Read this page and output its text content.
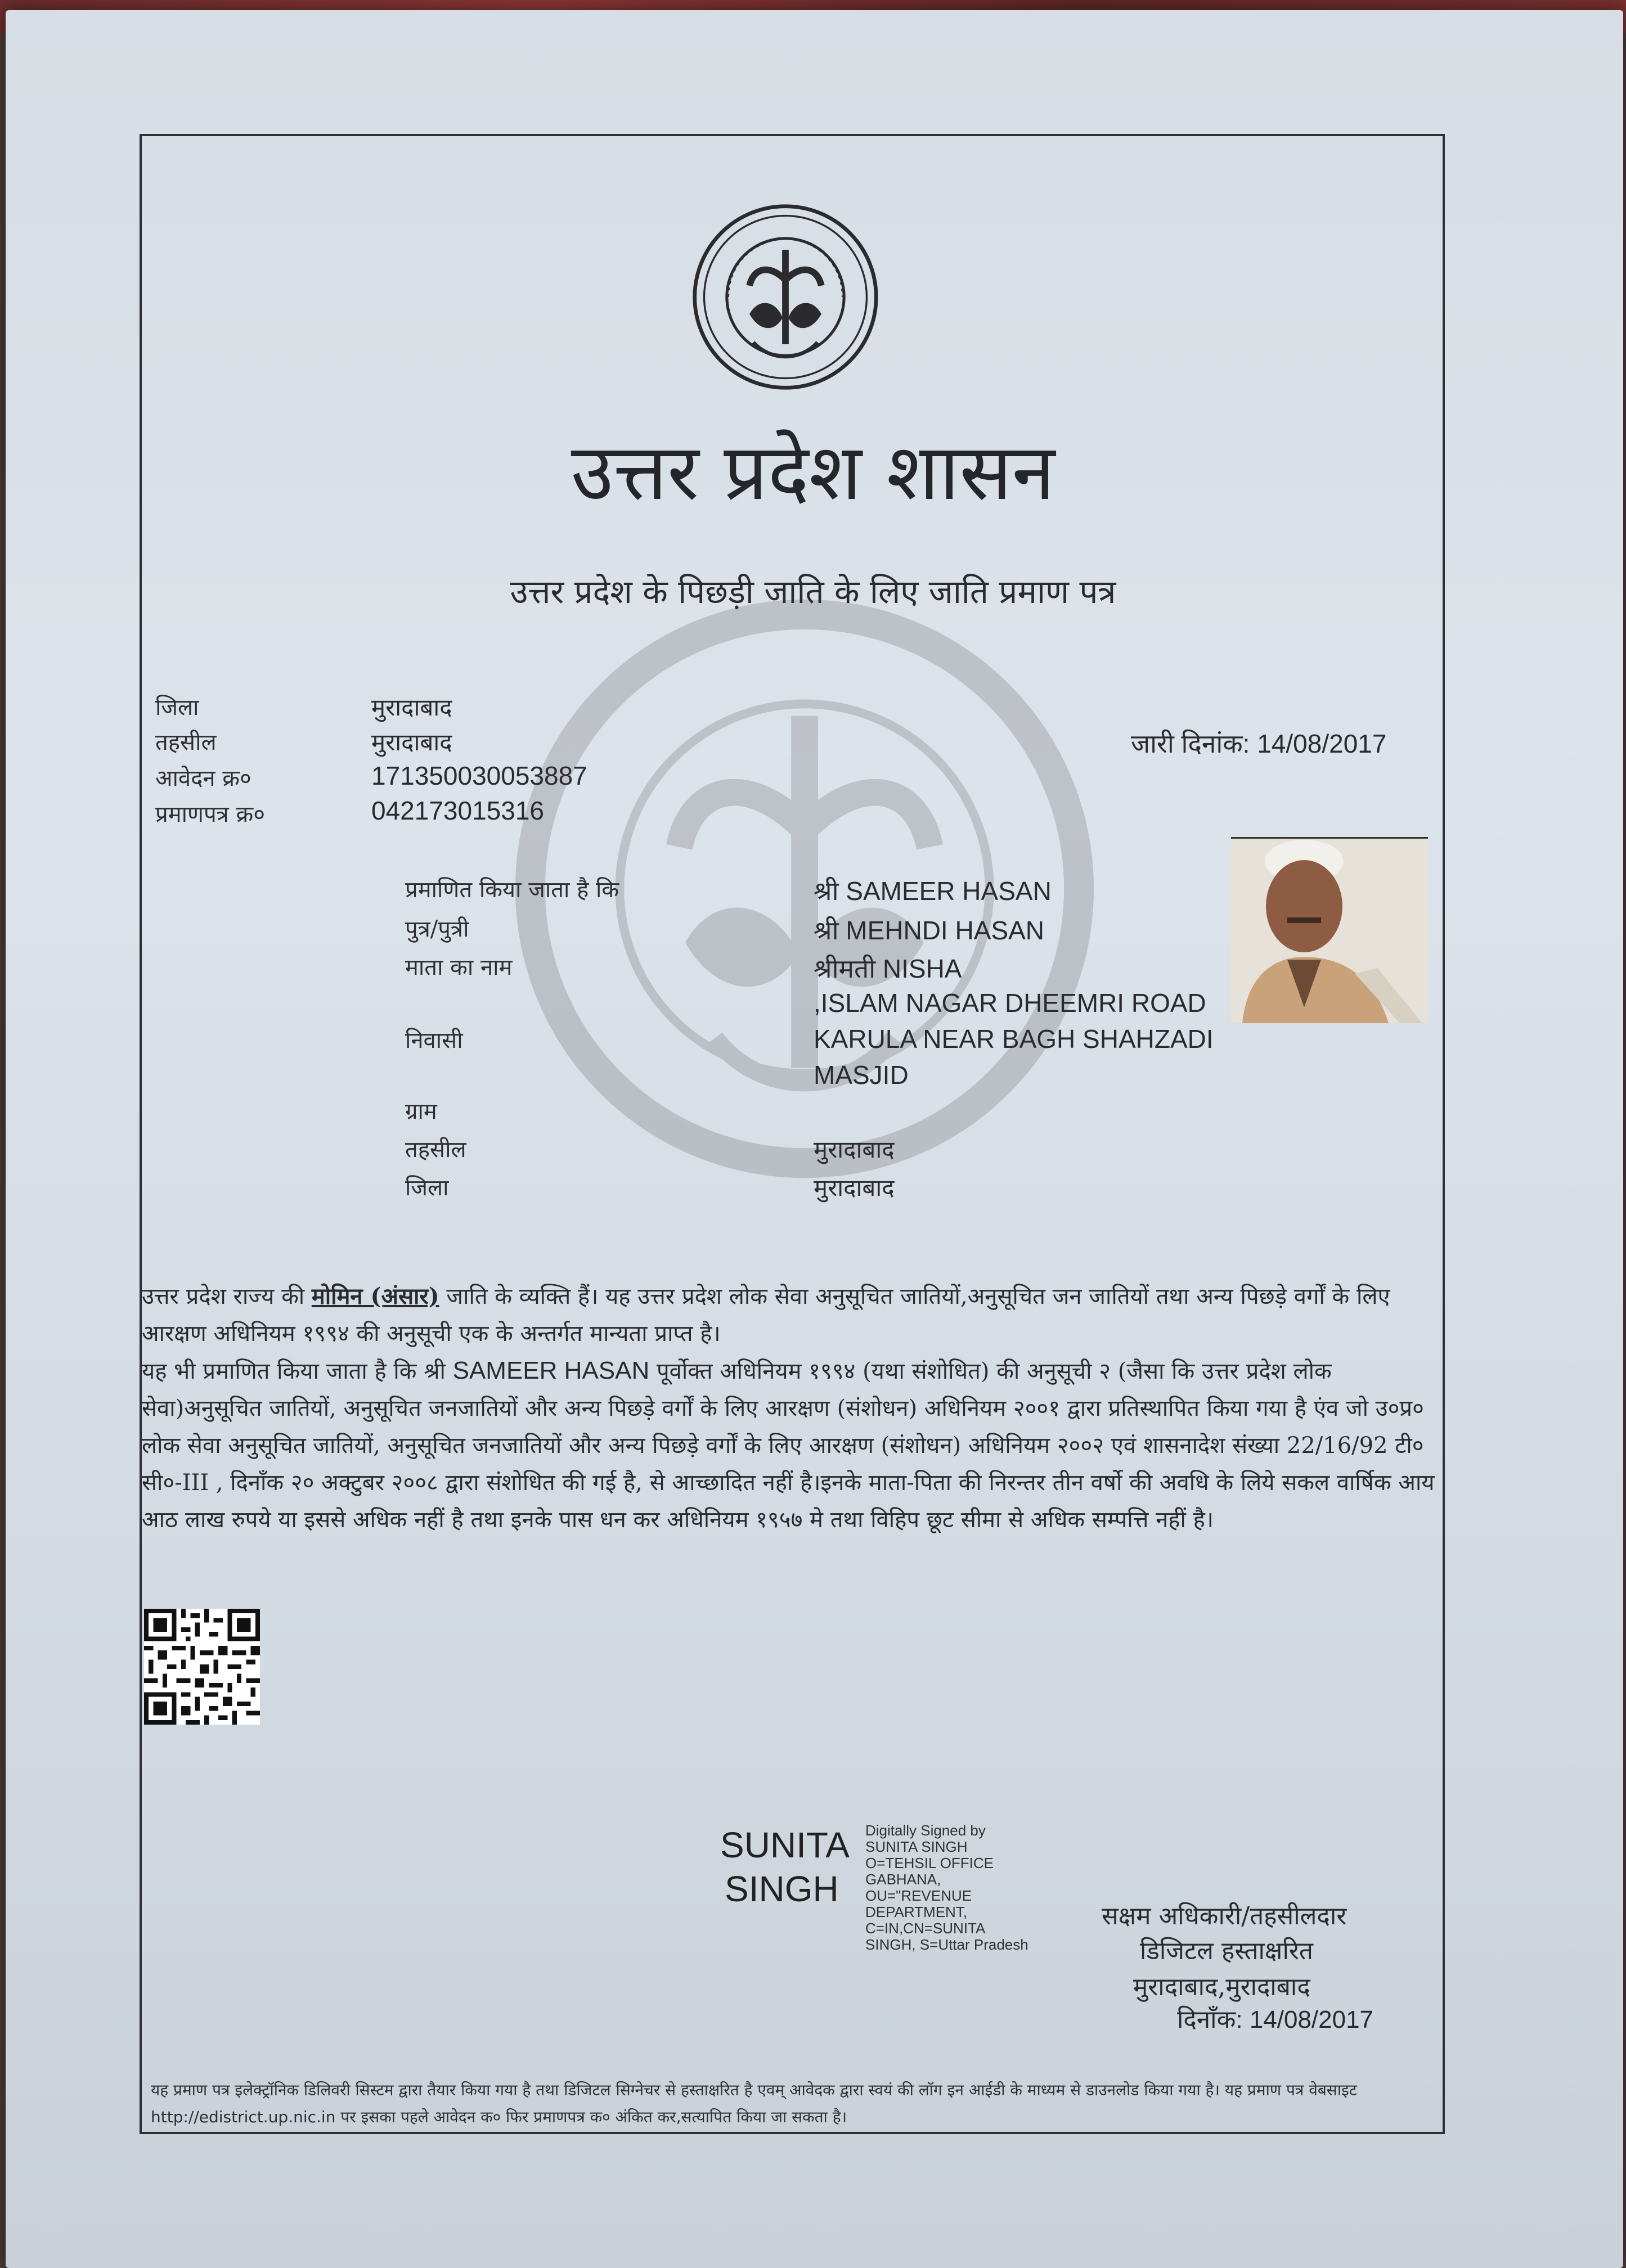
उत्तर प्रदेश शासन
उत्तर प्रदेश के पिछड़ी जाति के लिए जाति प्रमाण पत्र
जिला	मुरादाबाद
तहसील	मुरादाबाद
आवेदन क्र०	171350030053887
प्रमाणपत्र क्र०	042173015316
जारी दिनांक: 14/08/2017
प्रमाणित किया जाता है कि	श्री SAMEER HASAN
पुत्र/पुत्री	श्री MEHNDI HASAN
माता का नाम	श्रीमती NISHA
,ISLAM NAGAR DHEEMRI ROAD
निवासी	KARULA NEAR BAGH SHAHZADI
MASJID
ग्राम
तहसील	मुरादाबाद
जिला	मुरादाबाद
उत्तर प्रदेश राज्य की मोमिन (अंसार) जाति के व्यक्ति हैं। यह उत्तर प्रदेश लोक सेवा अनुसूचित जातियों,अनुसूचित जन जातियों तथा अन्य पिछड़े वर्गों के लिए आरक्षण अधिनियम १९९४ की अनुसूची एक के अन्तर्गत मान्यता प्राप्त है।
यह भी प्रमाणित किया जाता है कि श्री SAMEER HASAN पूर्वोक्त अधिनियम १९९४ (यथा संशोधित) की अनुसूची २ (जैसा कि उत्तर प्रदेश लोक सेवा)अनुसूचित जातियों, अनुसूचित जनजातियों और अन्य पिछड़े वर्गों के लिए आरक्षण (संशोधन) अधिनियम २००१ द्वारा प्रतिस्थापित किया गया है एंव जो उ०प्र० लोक सेवा अनुसूचित जातियों, अनुसूचित जनजातियों और अन्य पिछड़े वर्गों के लिए आरक्षण (संशोधन) अधिनियम २००२ एवं शासनादेश संख्या 22/16/92 टी० सी०-III , दिनाँक २० अक्टुबर २००८ द्वारा संशोधित की गई है, से आच्छादित नहीं है।इनके माता-पिता की निरन्तर तीन वर्षो की अवधि के लिये सकल वार्षिक आय आठ लाख रुपये या इससे अधिक नहीं है तथा इनके पास धन कर अधिनियम १९५७ मे तथा विहिप छूट सीमा से अधिक सम्पत्ति नहीं है।
SUNITA
SINGH
Digitally Signed by
SUNITA SINGH
O=TEHSIL OFFICE
GABHANA,
OU="REVENUE
DEPARTMENT,
C=IN,CN=SUNITA
SINGH, S=Uttar Pradesh
सक्षम अधिकारी/तहसीलदार
डिजिटल हस्ताक्षरित
मुरादाबाद,मुरादाबाद
दिनाँक: 14/08/2017
यह प्रमाण पत्र इलेक्ट्रॉनिक डिलिवरी सिस्टम द्वारा तैयार किया गया है तथा डिजिटल सिग्नेचर से हस्ताक्षरित है एवम् आवेदक द्वारा स्वयं की लॉग इन आईडी के माध्यम से डाउनलोड किया गया है। यह प्रमाण पत्र वेबसाइट http://edistrict.up.nic.in पर इसका पहले आवेदन क० फिर प्रमाणपत्र क० अंकित कर,सत्यापित किया जा सकता है।
